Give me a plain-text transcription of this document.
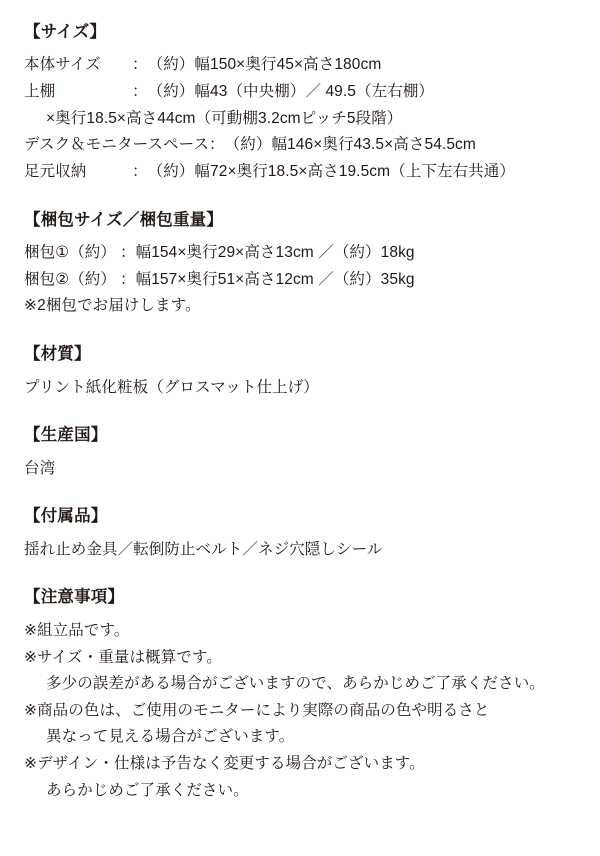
【サイズ】
本体サイズ	： （約）幅150×奥行45×高さ180cm
上棚	： （約）幅43（中央棚）／ 49.5（左右棚）
×奥行18.5×高さ44cm（可動棚3.2cmピッチ5段階）
デスク＆モニタースペース ： （約）幅146×奥行43.5×高さ54.5cm
足元収納	： （約）幅72×奥行18.5×高さ19.5cm（上下左右共通）
【梱包サイズ／梱包重量】
梱包①（約） ： 幅154×奥行29×高さ13cm ／（約）18kg
梱包②（約） ： 幅157×奥行51×高さ12cm ／（約）35kg
※2梱包でお届けします。
【材質】
プリント紙化粧板（グロスマット仕上げ）
【生産国】
台湾
【付属品】
揺れ止め金具／転倒防止ベルト／ネジ穴隠しシール
【注意事項】
※組立品です。
※サイズ・重量は概算です。
多少の誤差がある場合がございますので、あらかじめご了承ください。
※商品の色は、ご使用のモニターにより実際の商品の色や明るさと
異なって見える場合がございます。
※デザイン・仕様は予告なく変更する場合がございます。
あらかじめご了承ください。
